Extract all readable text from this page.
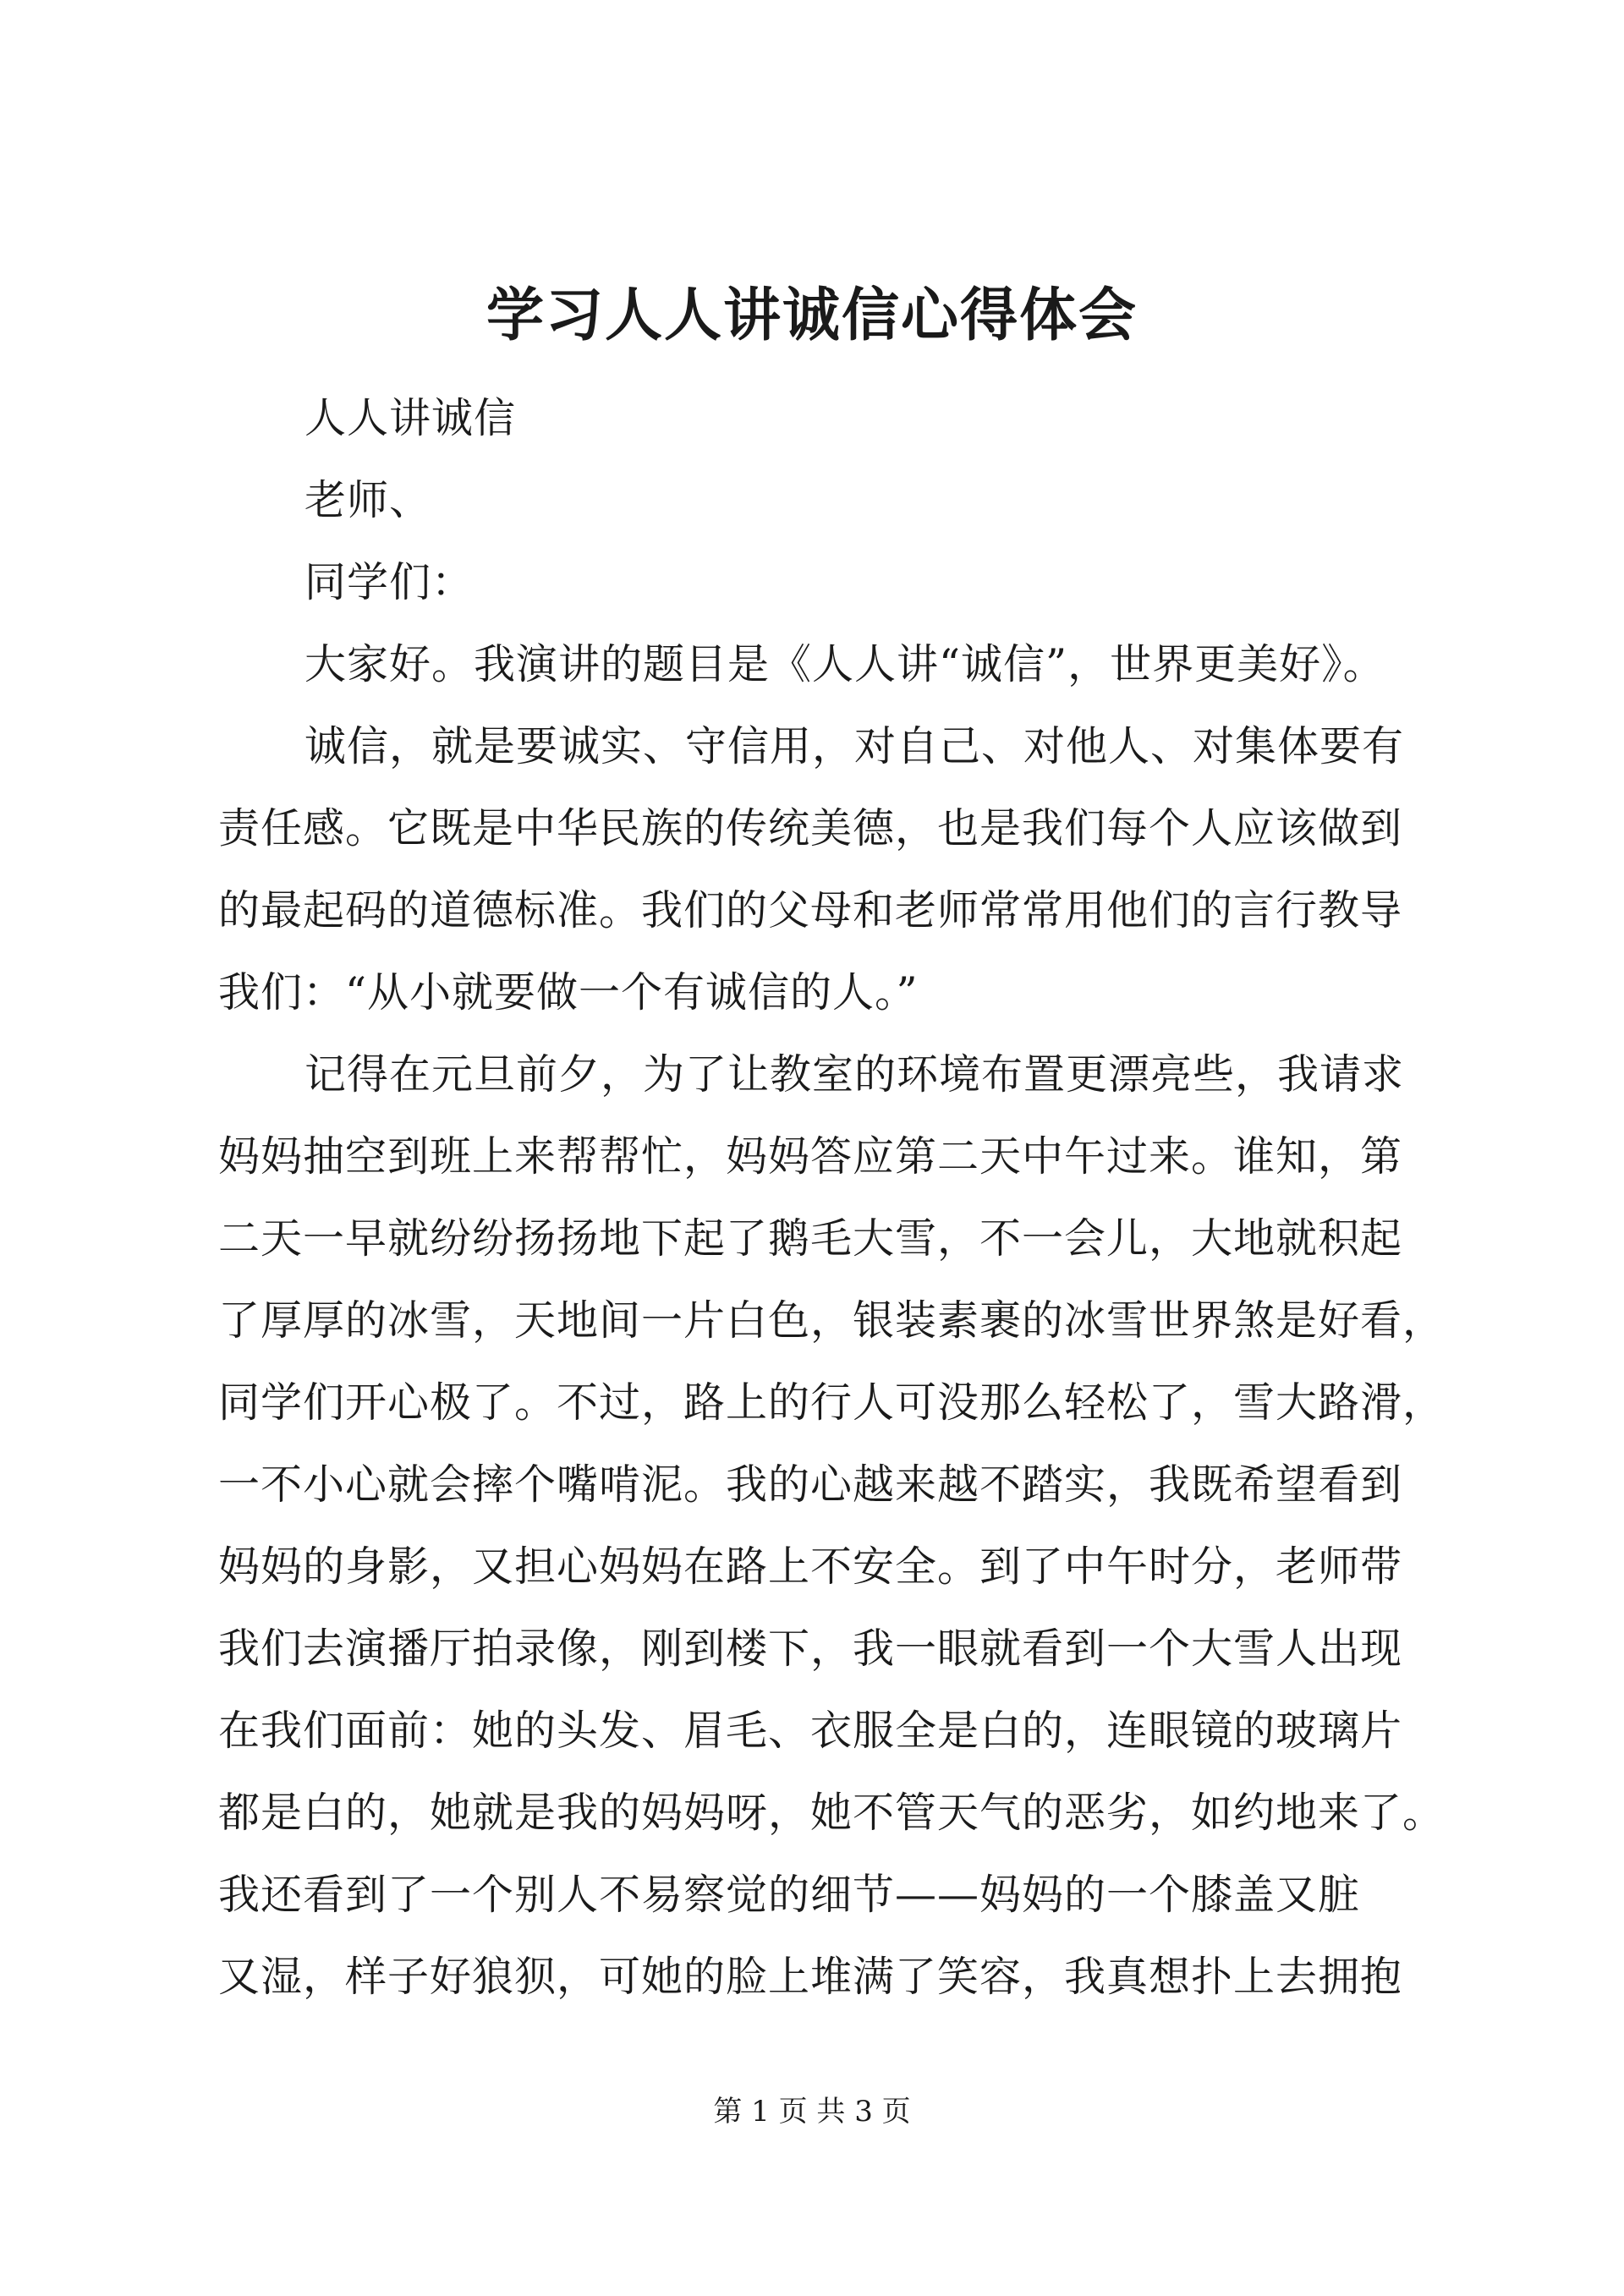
学习人人讲诚信心得体会
人人讲诚信
老师、
同学们：
大家好。我演讲的题目是《人人讲“诚信”，世界更美好》。
诚信，就是要诚实、守信用，对自己、对他人、对集体要有
责任感。它既是中华民族的传统美德，也是我们每个人应该做到
的最起码的道德标准。我们的父母和老师常常用他们的言行教导
我们：“从小就要做一个有诚信的人。”
记得在元旦前夕，为了让教室的环境布置更漂亮些，我请求
妈妈抽空到班上来帮帮忙，妈妈答应第二天中午过来。谁知，第
二天一早就纷纷扬扬地下起了鹅毛大雪，不一会儿，大地就积起
了厚厚的冰雪，天地间一片白色，银装素裹的冰雪世界煞是好看，
同学们开心极了。不过，路上的行人可没那么轻松了，雪大路滑，
一不小心就会摔个嘴啃泥。我的心越来越不踏实，我既希望看到
妈妈的身影，又担心妈妈在路上不安全。到了中午时分，老师带
我们去演播厅拍录像，刚到楼下，我一眼就看到一个大雪人出现
在我们面前：她的头发、眉毛、衣服全是白的，连眼镜的玻璃片
都是白的，她就是我的妈妈呀，她不管天气的恶劣，如约地来了。
我还看到了一个别人不易察觉的细节——妈妈的一个膝盖又脏
又湿，样子好狼狈，可她的脸上堆满了笑容，我真想扑上去拥抱
第 1 页 共 3 页
